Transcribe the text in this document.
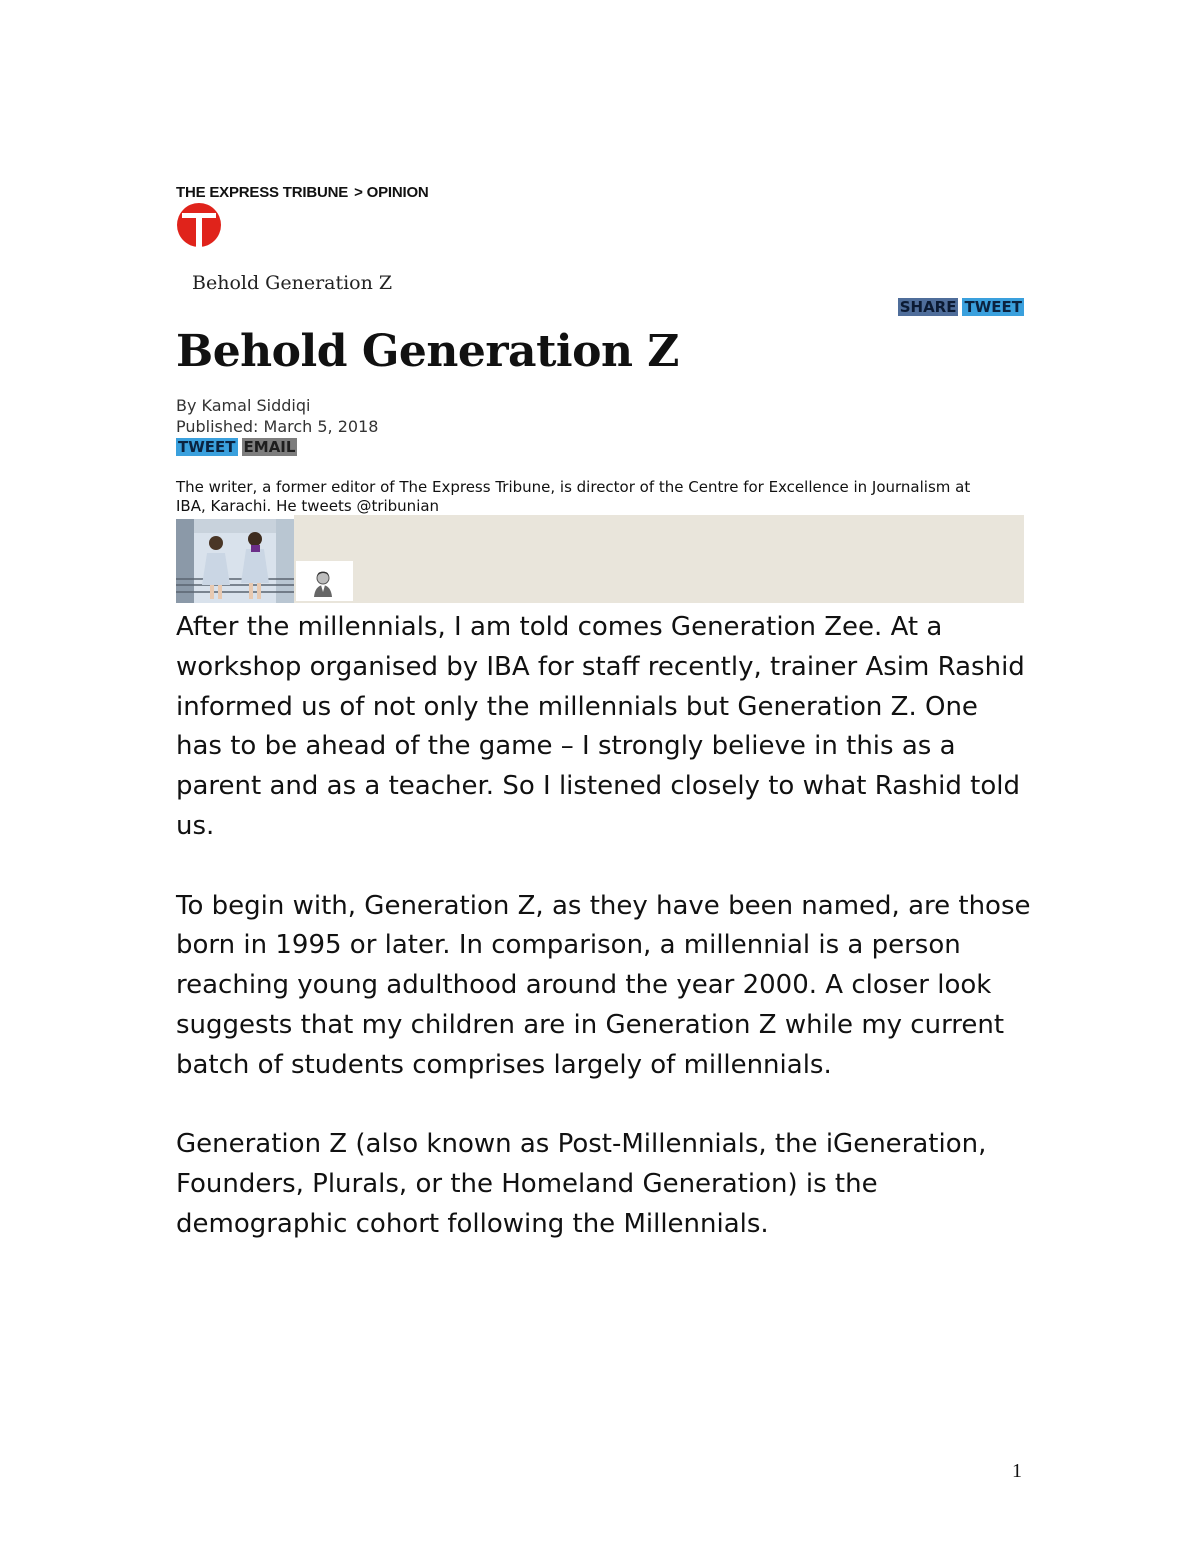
THE EXPRESS TRIBUNE > OPINION
Behold Generation Z
SHARE TWEET
Behold Generation Z
By Kamal Siddiqi
Published: March 5, 2018
TWEET EMAIL
The writer, a former editor of The Express Tribune, is director of the Centre for Excellence in Journalism at IBA, Karachi. He tweets @tribunian

After the millennials, I am told comes Generation Zee. At a workshop organised by IBA for staff recently, trainer Asim Rashid informed us of not only the millennials but Generation Z. One has to be ahead of the game – I strongly believe in this as a parent and as a teacher. So I listened closely to what Rashid told us.

To begin with, Generation Z, as they have been named, are those born in 1995 or later. In comparison, a millennial is a person reaching young adulthood around the year 2000. A closer look suggests that my children are in Generation Z while my current batch of students comprises largely of millennials.

Generation Z (also known as Post-Millennials, the iGeneration, Founders, Plurals, or the Homeland Generation) is the demographic cohort following the Millennials.

1
